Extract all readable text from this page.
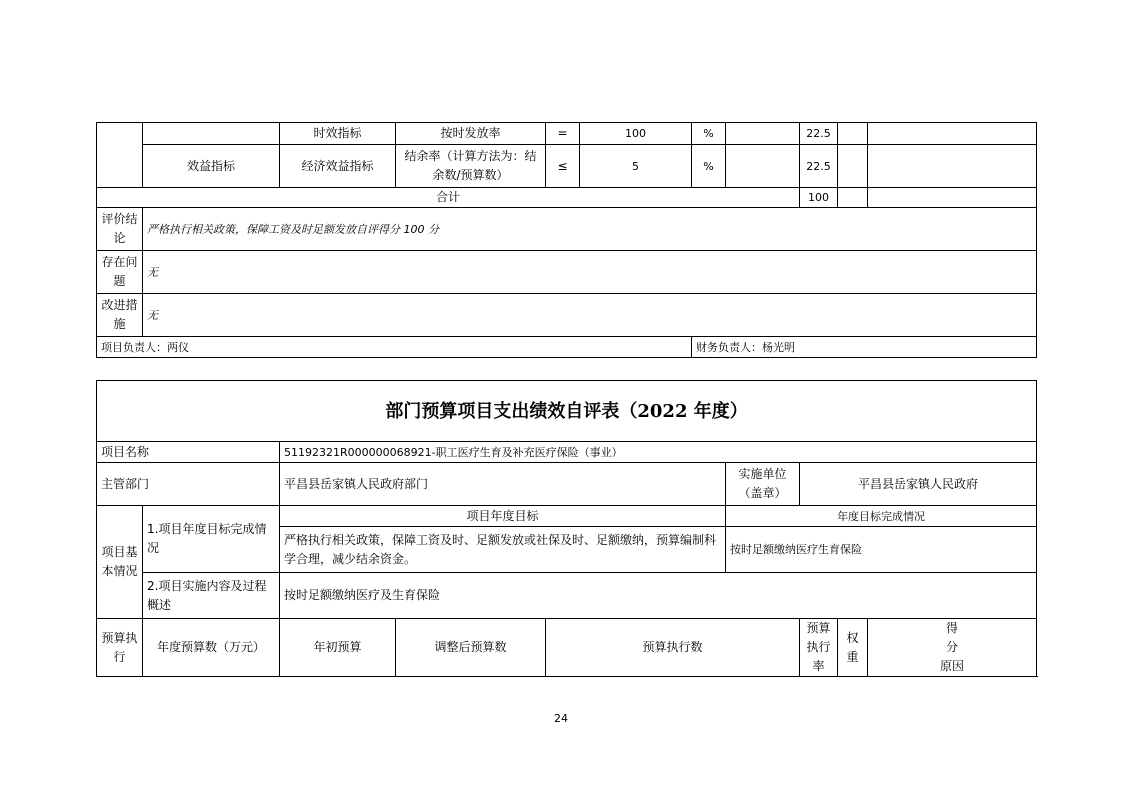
		时效指标	按时发放率	=	100	%		22.5		
	效益指标	经济效益指标	结余率（计算方法为：结余数/预算数）	≤	5	%		22.5		
合计								100		
评价结论	严格执行相关政策，保障工资及时足额发放自评得分 100 分									
存在问题	无									
改进措施	无									
项目负责人：两仪						财务负责人：杨光明				
部门预算项目支出绩效自评表（2022 年度）								
项目名称		51192321R000000068921-职工医疗生育及补充医疗保险（事业）						
主管部门		平昌县岳家镇人民政府部门			实施单位（盖章）	平昌县岳家镇人民政府		
项目基本情况	1.项目年度目标完成情况	项目年度目标			年度目标完成情况			
		严格执行相关政策，保障工资及时、足额发放或社保及时、足额缴纳，预算编制科学合理，减少结余资金。			按时足额缴纳医疗生育保险			
	2.项目实施内容及过程概述	按时足额缴纳医疗及生育保险						
预算执行	年度预算数（万元）	年初预算	调整后预算数	预算执行数		预算执行率	权重	得分 原因
24
